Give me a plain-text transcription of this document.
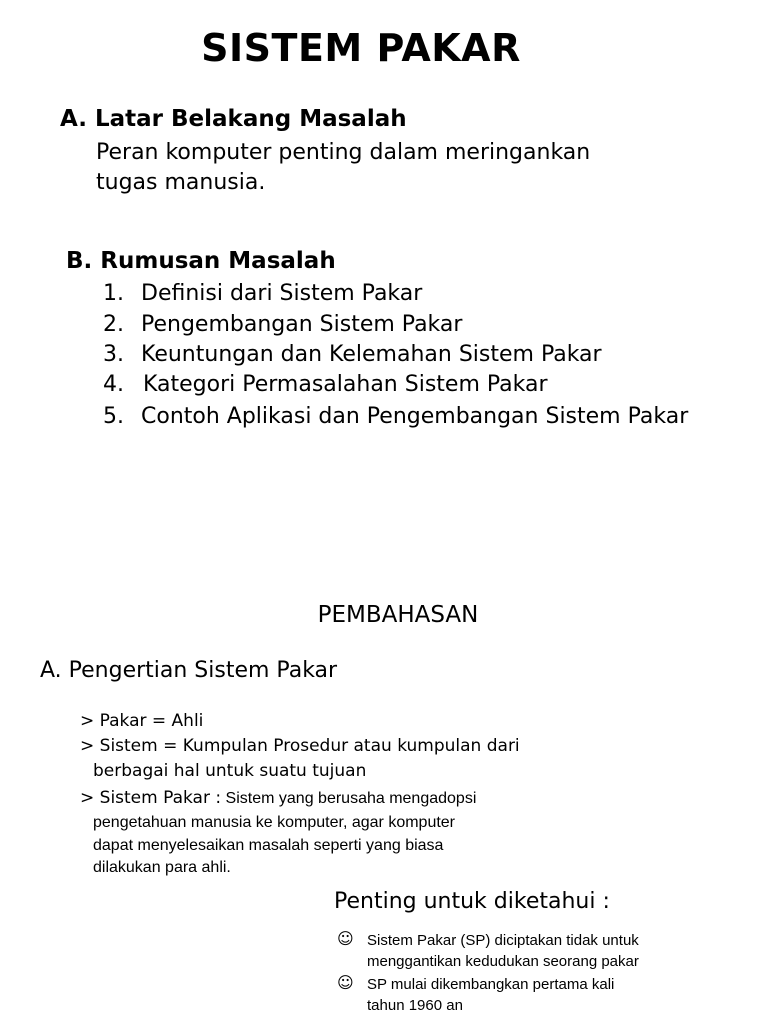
SISTEM PAKAR
A. Latar Belakang Masalah
Peran komputer penting dalam meringankan
tugas manusia.
B. Rumusan Masalah
1. Definisi dari Sistem Pakar
2. Pengembangan Sistem Pakar
3. Keuntungan dan Kelemahan Sistem Pakar
4. Kategori Permasalahan Sistem Pakar
5. Contoh Aplikasi dan Pengembangan Sistem Pakar
PEMBAHASAN
A. Pengertian Sistem Pakar
> Pakar = Ahli
> Sistem = Kumpulan Prosedur atau kumpulan dari
berbagai hal untuk suatu tujuan
> Sistem Pakar : Sistem yang berusaha mengadopsi
pengetahuan manusia ke komputer, agar komputer
dapat menyelesaikan masalah seperti yang biasa
dilakukan para ahli.
Penting untuk diketahui :
☺ Sistem Pakar (SP) diciptakan tidak untuk
menggantikan kedudukan seorang pakar
☺ SP mulai dikembangkan pertama kali
tahun 1960 an
